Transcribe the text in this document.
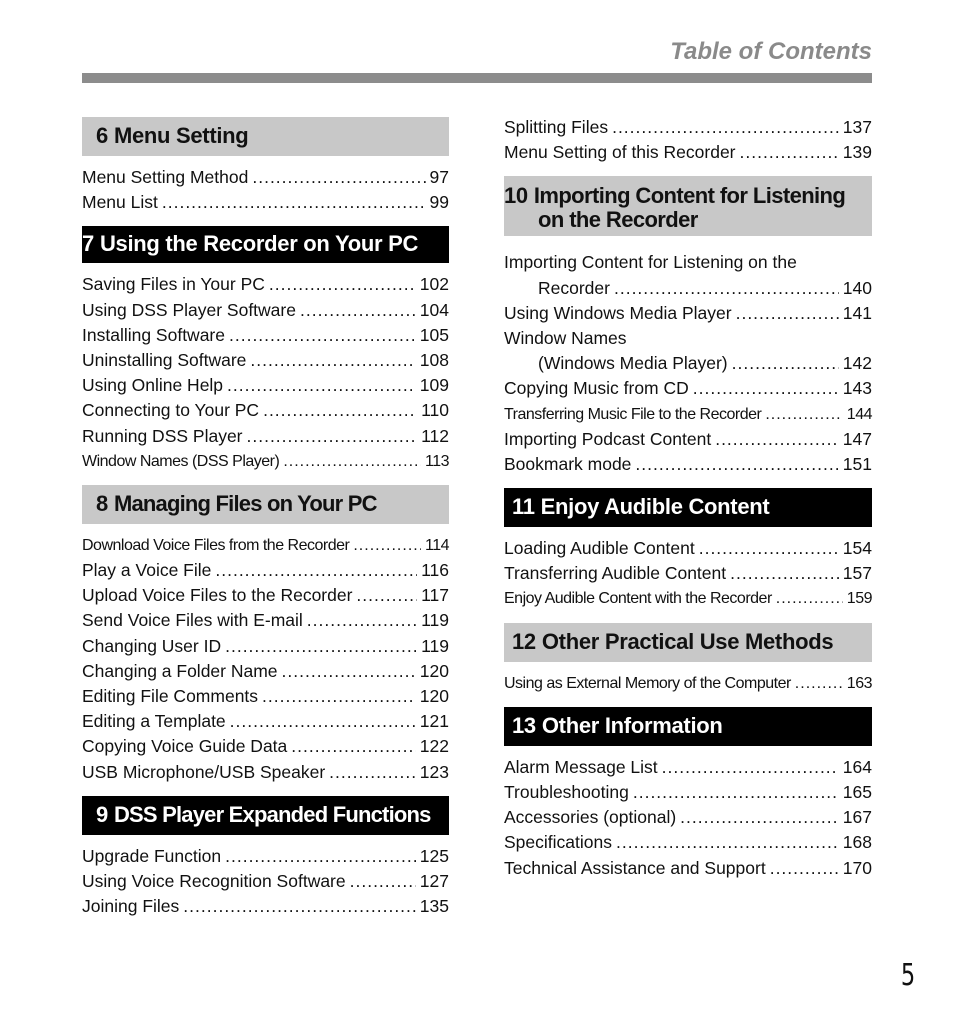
Table of Contents
6 Menu Setting
Menu Setting Method .....	97
Menu List .....	99
7 Using the Recorder on Your PC
Saving Files in Your PC .....	102
Using DSS Player Software .....	104
Installing Software .....	105
Uninstalling Software .....	108
Using Online Help .....	109
Connecting to Your PC .....	110
Running DSS Player .....	112
Window Names (DSS Player) .....	113
8 Managing Files on Your PC
Download Voice Files from the Recorder .....	114
Play a Voice File .....	116
Upload Voice Files to the Recorder .....	117
Send Voice Files with E-mail .....	119
Changing User ID .....	119
Changing a Folder Name .....	120
Editing File Comments .....	120
Editing a Template .....	121
Copying Voice Guide Data .....	122
USB Microphone/USB Speaker .....	123
9 DSS Player Expanded Functions
Upgrade Function .....	125
Using Voice Recognition Software .....	127
Joining Files .....	135
Splitting Files .....	137
Menu Setting of this Recorder .....	139
10 Importing Content for Listening on the Recorder
Importing Content for Listening on the
Recorder .....	140
Using Windows Media Player .....	141
Window Names
(Windows Media Player) .....	142
Copying Music from CD .....	143
Transferring Music File to the Recorder .....	144
Importing Podcast Content .....	147
Bookmark mode .....	151
11 Enjoy Audible Content
Loading Audible Content .....	154
Transferring Audible Content .....	157
Enjoy Audible Content with the Recorder .....	159
12 Other Practical Use Methods
Using as External Memory of the Computer .....	163
13 Other Information
Alarm Message List .....	164
Troubleshooting .....	165
Accessories (optional) .....	167
Specifications .....	168
Technical Assistance and Support .....	170
5
